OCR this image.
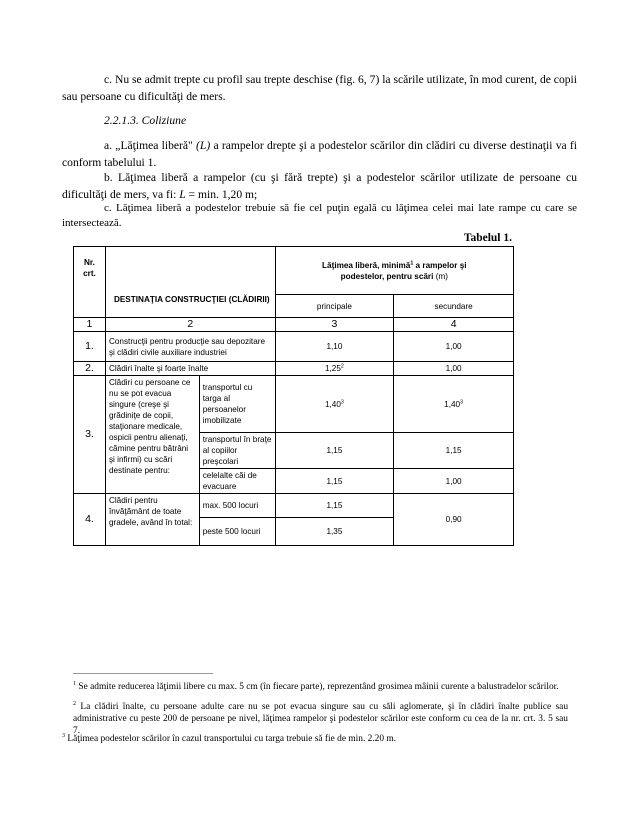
c. Nu se admit trepte cu profil sau trepte deschise (fig. 6, 7) la scările utilizate, în mod curent, de copii sau persoane cu dificultăţi de mers.
2.2.1.3. Coliziune
a. „Lăţimea liberă" (L) a rampelor drepte şi a podestelor scărilor din clădiri cu diverse destinaţii va fi conform tabelului 1.
b. Lăţimea liberă a rampelor (cu şi fără trepte) şi a podestelor scărilor utilizate de persoane cu dificultăţi de mers, va fi: L = min. 1,20 m;
c. Lăţimea liberă a podestelor trebuie să fie cel puţin egală cu lăţimea celei mai late rampe cu care se intersectează.
Tabelul 1.
Nr. crt.	DESTINAŢIA CONSTRUCŢIEI (CLĂDIRII)		Lăţimea liberă, minimă$^1$ a rampelor şi podestelor, pentru scări (m)	
			principale	secundare
1	2		3	4
1.	Construcţii pentru producţie sau depozitare şi clădiri civile auxiliare industriei		1,10	1,00
2.	Clădiri înalte şi foarte înalte		1,25$^2$	1,00
3.	Clădiri cu persoane ce nu se pot evacua singure (creşe şi grădiniţe de copii, staţionare medicale, ospicii pentru alienaţi, cămine pentru bătrâni şi infirmi) cu scări destinate pentru:	transportul cu targa al persoanelor imobilizate	1,40$^3$	1,40$^3$
		transportul în braţe al copiilor preşcolari	1,15	1,15
		celelalte căi de evacuare	1,15	1,00
4.	Clădiri pentru învăţământ de toate gradele, având în total:	max. 500 locuri	1,15	0,90
		peste 500 locuri	1,35	
$^1$ Se admite reducerea lăţimii libere cu max. 5 cm (în fiecare parte), reprezentând grosimea mâinii curente a balustradelor scărilor.
$^2$ La clădiri înalte, cu persoane adulte care nu se pot evacua singure sau cu săli aglomerate, şi în clădiri înalte publice sau administrative cu peste 200 de persoane pe nivel, lăţimea rampelor şi podestelor scărilor este conform cu cea de la nr. crt. 3. 5 sau 7.
$^3$ Lăţimea podestelor scărilor în cazul transportului cu targa trebuie să fie de min. 2.20 m.
